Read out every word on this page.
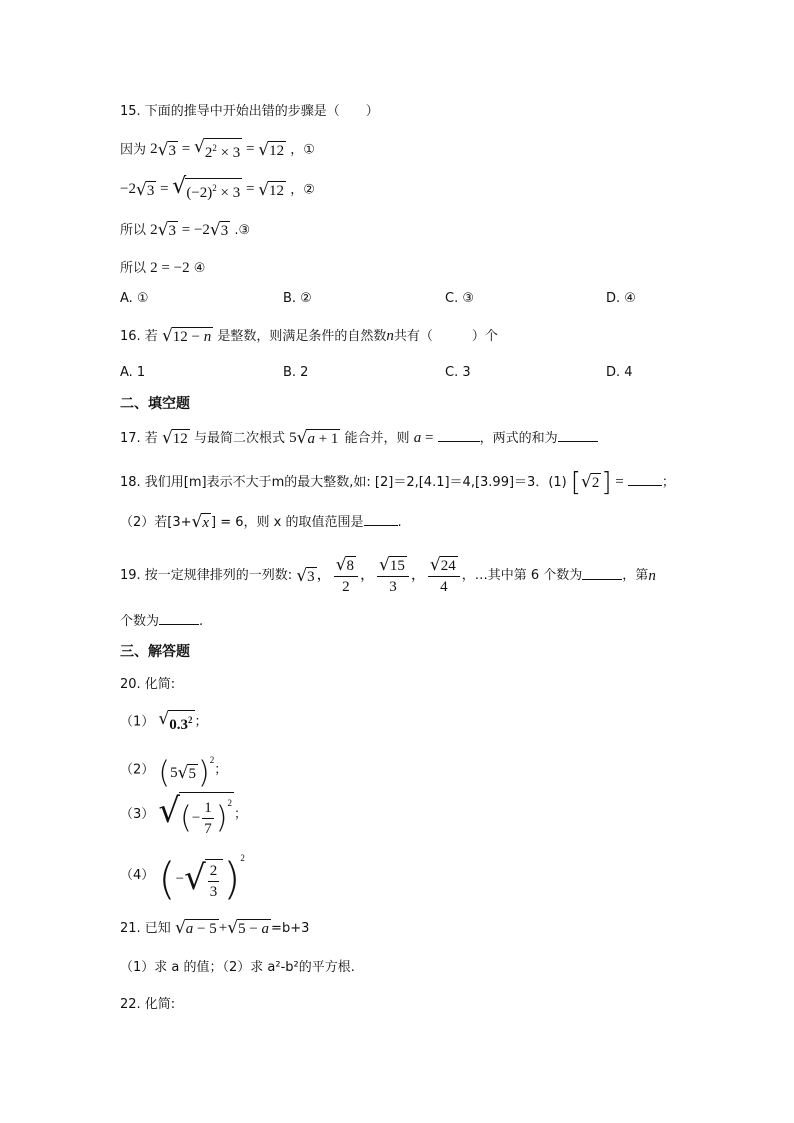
15. 下面的推导中开始出错的步骤是（　　）
因为 2 √ 3 = √ $2^2 \times 3$ = √ 12 ，①
−2 √ 3 = √ $(-2)^2 \times 3$ = √ 12 ，②
所以 2 √ 3 = −2 √ 3 .③
所以 2 = −2 ④
A. ①	B. ②	C. ③	D. ④
16. 若 √ 12 − n 是整数，则满足条件的自然数n共有（　　　）个
A. 1	B. 2	C. 3	D. 4
二、填空题
17. 若 √ 12 与最简二次根式 5 √ a + 1 能合并，则 a =	，两式的和为
18. 我们用[m]表示不大于m的最大整数,如: [2]＝2,[4.1]＝4,[3.99]＝3．(1) [ √ 2 ] =	；
（2）若[3+ √ x ] = 6，则 x 的取值范围是	.
19. 按一定规律排列的一列数: √ 3 ， $\frac{√ 8}{2}$ ， $\frac{√ 15}{3}$ ， $\frac{√ 24}{4}$ ，…其中第 6 个数为	，第n
个数为	.
三、解答题
20. 化简:
（1） √ $0.3^2$ ；
（2） (5 √ 5 )$^2$；
（3） √ (− $\frac{1}{7} )^2$
；
（4） (− √ $\frac{2}{3} )^2$
21. 已知 √ a − 5 + √ 5 − a =b+3
（1）求 a 的值；（2）求 a²-b²的平方根.
22. 化简:
